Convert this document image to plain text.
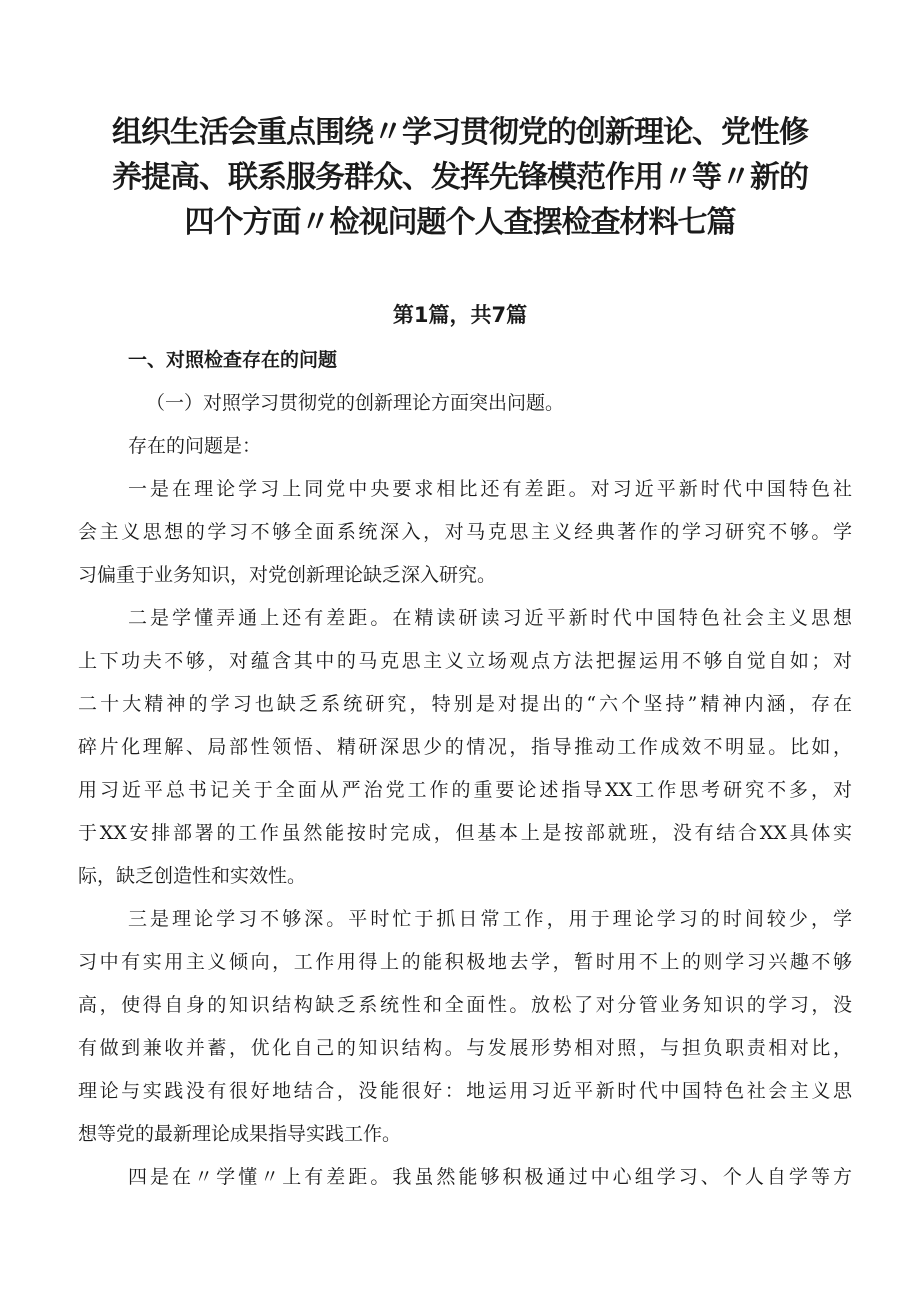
组织生活会重点围绕〃学习贯彻党的创新理论、党性修
养提高、联系服务群众、发挥先锋模范作用〃等〃新的
四个方面〃检视问题个人查摆检查材料七篇
第1篇，共7篇
一、对照检查存在的问题
（一）对照学习贯彻党的创新理论方面突出问题。
存在的问题是：
一是在理论学习上同党中央要求相比还有差距。对习近平新时代中国特色社
会主义思想的学习不够全面系统深入，对马克思主义经典著作的学习研究不够。学
习偏重于业务知识，对党创新理论缺乏深入研究。
二是学懂弄通上还有差距。在精读研读习近平新时代中国特色社会主义思想
上下功夫不够，对蕴含其中的马克思主义立场观点方法把握运用不够自觉自如；对
二十大精神的学习也缺乏系统研究，特别是对提出的“六个坚持”精神内涵，存在
碎片化理解、局部性领悟、精研深思少的情况，指导推动工作成效不明显。比如，
用习近平总书记关于全面从严治党工作的重要论述指导XX工作思考研究不多，对
于XX安排部署的工作虽然能按时完成，但基本上是按部就班，没有结合XX具体实
际，缺乏创造性和实效性。
三是理论学习不够深。平时忙于抓日常工作，用于理论学习的时间较少，学
习中有实用主义倾向，工作用得上的能积极地去学，暂时用不上的则学习兴趣不够
高，使得自身的知识结构缺乏系统性和全面性。放松了对分管业务知识的学习，没
有做到兼收并蓄，优化自己的知识结构。与发展形势相对照，与担负职责相对比，
理论与实践没有很好地结合，没能很好：地运用习近平新时代中国特色社会主义思
想等党的最新理论成果指导实践工作。
四是在〃学懂〃上有差距。我虽然能够积极通过中心组学习、个人自学等方
